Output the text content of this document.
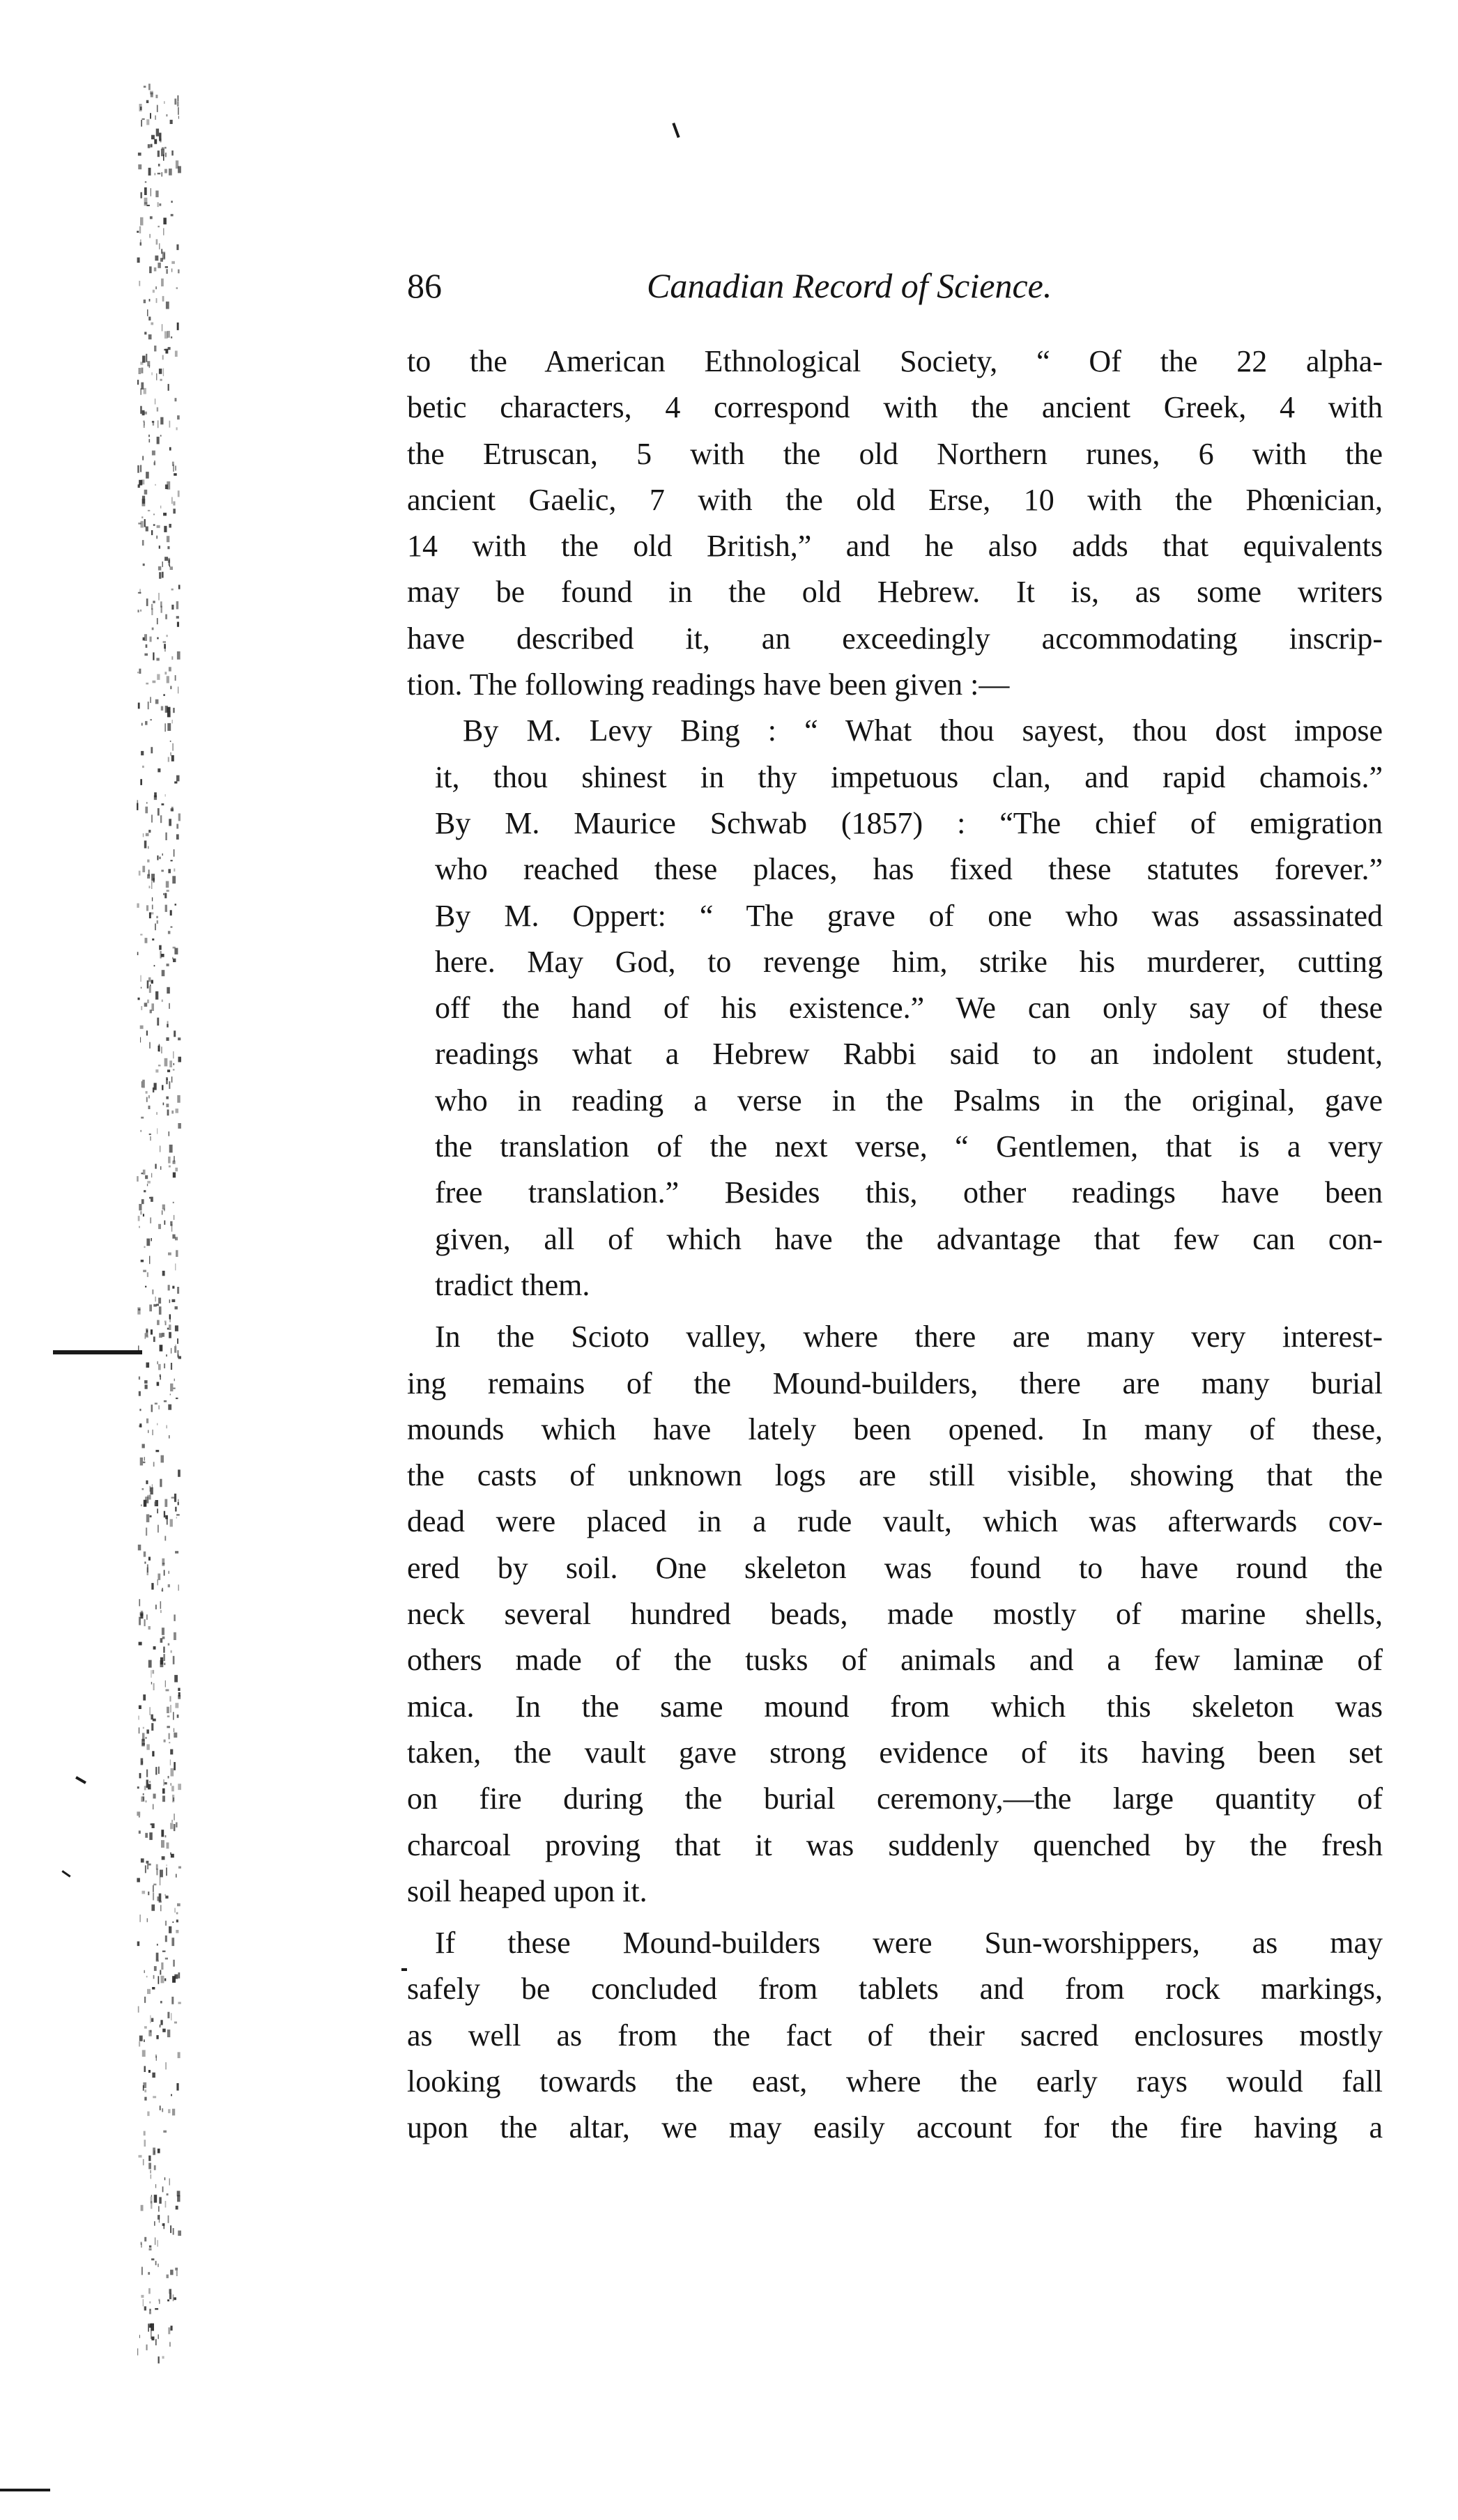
86	Canadian Record of Science.

to the American Ethnological Society, “ Of the 22 alpha-
betic characters, 4 correspond with the ancient Greek, 4 with
the Etruscan, 5 with the old Northern runes, 6 with the
ancient Gaelic, 7 with the old Erse, 10 with the Phœnician,
14 with the old British,” and he also adds that equivalents
may be found in the old Hebrew. It is, as some writers
have described it, an exceedingly accommodating inscrip-
tion. The following readings have been given :—

By M. Levy Bing : “ What thou sayest, thou dost impose
it, thou shinest in thy impetuous clan, and rapid chamois.”
By M. Maurice Schwab (1857) : “The chief of emigration
who reached these places, has fixed these statutes forever.”
By M. Oppert: “ The grave of one who was assassinated
here. May God, to revenge him, strike his murderer, cutting
off the hand of his existence.” We can only say of these
readings what a Hebrew Rabbi said to an indolent student,
who in reading a verse in the Psalms in the original, gave
the translation of the next verse, “ Gentlemen, that is a very
free translation.” Besides this, other readings have been
given, all of which have the advantage that few can con-
tradict them.

In the Scioto valley, where there are many very interest-
ing remains of the Mound-builders, there are many burial
mounds which have lately been opened. In many of these,
the casts of unknown logs are still visible, showing that the
dead were placed in a rude vault, which was afterwards cov-
ered by soil. One skeleton was found to have round the
neck several hundred beads, made mostly of marine shells,
others made of the tusks of animals and a few laminæ of
mica. In the same mound from which this skeleton was
taken, the vault gave strong evidence of its having been set
on fire during the burial ceremony,—the large quantity of
charcoal proving that it was suddenly quenched by the fresh
soil heaped upon it.

If these Mound-builders were Sun-worshippers, as may
safely be concluded from tablets and from rock markings,
as well as from the fact of their sacred enclosures mostly
looking towards the east, where the early rays would fall
upon the altar, we may easily account for the fire having a
